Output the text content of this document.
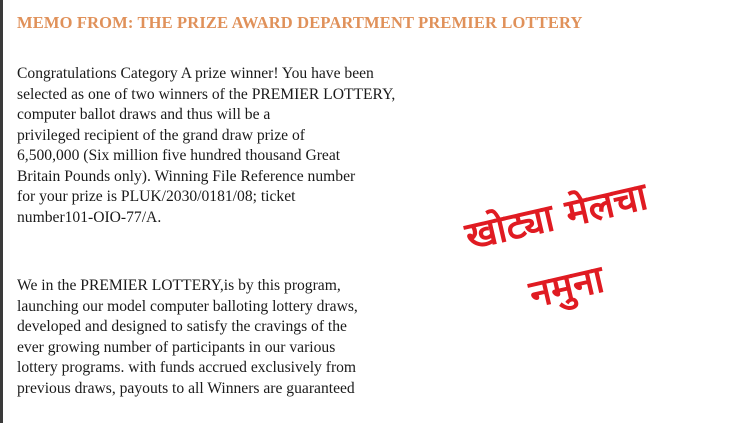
MEMO FROM: THE PRIZE AWARD DEPARTMENT PREMIER LOTTERY
Congratulations Category A prize winner! You have been
selected as one of two winners of the PREMIER LOTTERY,
computer ballot draws and thus will be a
privileged recipient of the grand draw prize of
6,500,000 (Six million five hundred thousand Great
Britain Pounds only). Winning File Reference number
for your prize is PLUK/2030/0181/08; ticket
number101-OIO-77/A.
We in the PREMIER LOTTERY,is by this program,
launching our model computer balloting lottery draws,
developed and designed to satisfy the cravings of the
ever growing number of participants in our various
lottery programs. with funds accrued exclusively from
previous draws, payouts to all Winners are guaranteed
खोट्या मेलचा
नमुना
